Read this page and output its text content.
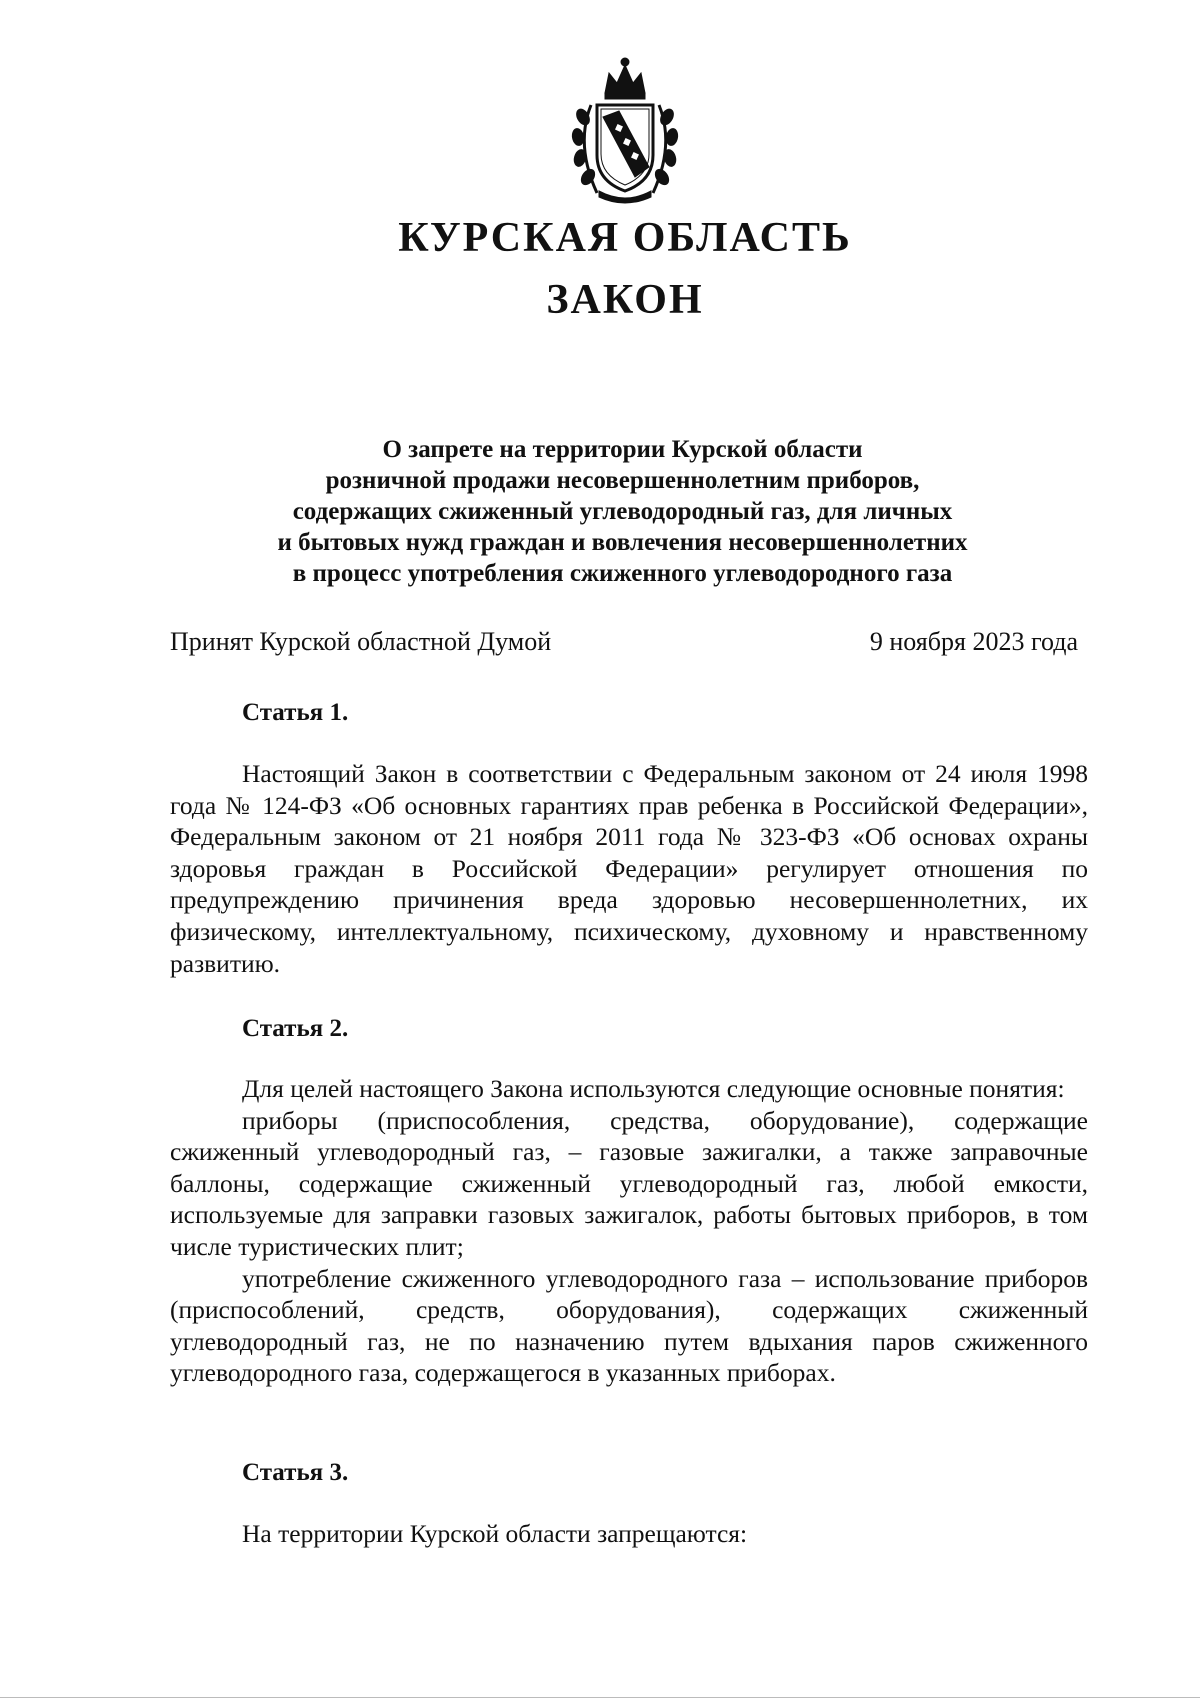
КУРСКАЯ ОБЛАСТЬ
ЗАКОН
О запрете на территории Курской области
розничной продажи несовершеннолетним приборов,
содержащих сжиженный углеводородный газ, для личных
и бытовых нужд граждан и вовлечения несовершеннолетних
в процесс употребления сжиженного углеводородного газа
Принят Курской областной Думой	9 ноября 2023 года
Статья 1.

Настоящий Закон в соответствии с Федеральным законом от 24 июля 1998 года № 124-ФЗ «Об основных гарантиях прав ребенка в Российской Федерации», Федеральным законом от 21 ноября 2011 года № 323-ФЗ «Об основах охраны здоровья граждан в Российской Федерации» регулирует отношения по предупреждению причинения вреда здоровью несовершеннолетних, их физическому, интеллектуальному, психическому, духовному и нравственному развитию.

Статья 2.

Для целей настоящего Закона используются следующие основные понятия:

приборы (приспособления, средства, оборудование), содержащие сжиженный углеводородный газ, – газовые зажигалки, а также заправочные баллоны, содержащие сжиженный углеводородный газ, любой емкости, используемые для заправки газовых зажигалок, работы бытовых приборов, в том числе туристических плит;

употребление сжиженного углеводородного газа – использование приборов (приспособлений, средств, оборудования), содержащих сжиженный углеводородный газ, не по назначению путем вдыхания паров сжиженного углеводородного газа, содержащегося в указанных приборах.

Статья 3.

На территории Курской области запрещаются:
